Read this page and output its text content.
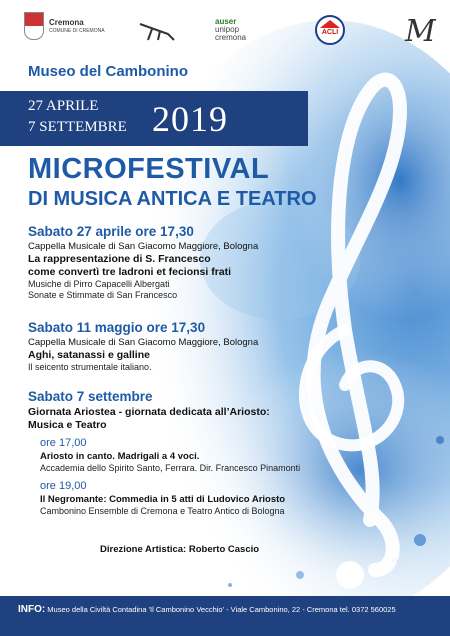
Cremona
COMUNE DI CREMONA
auser
unipop
cremona
ACLI M
Museo del Cambonino
27 APRILE
7 SETTEMBRE 2019
MICROFESTIVAL
DI MUSICA ANTICA E TEATRO
Sabato 27 aprile ore 17,30
Cappella Musicale di San Giacomo Maggiore, Bologna
La rappresentazione di S. Francesco
come convertì tre ladroni et fecionsi frati
Musiche di Pirro Capacelli Albergati
Sonate e Stimmate di San Francesco
Sabato 11 maggio ore 17,30
Cappella Musicale di San Giacomo Maggiore, Bologna
Aghi, satanassi e galline
Il seicento strumentale italiano.
Sabato 7 settembre
Giornata Ariostea - giornata dedicata all’Ariosto:
Musica e Teatro
ore 17,00
Ariosto in canto. Madrigali a 4 voci.
Accademia dello Spirito Santo, Ferrara. Dir. Francesco Pinamonti
ore 19,00
Il Negromante: Commedia in 5 atti di Ludovico Ariosto
Cambonino Ensemble di Cremona e Teatro Antico di Bologna
Direzione Artistica: Roberto Cascio
INFO: Museo della Civiltà Contadina 'Il Cambonino Vecchio' - Viale Cambonino, 22 - Cremona tel. 0372 560025
